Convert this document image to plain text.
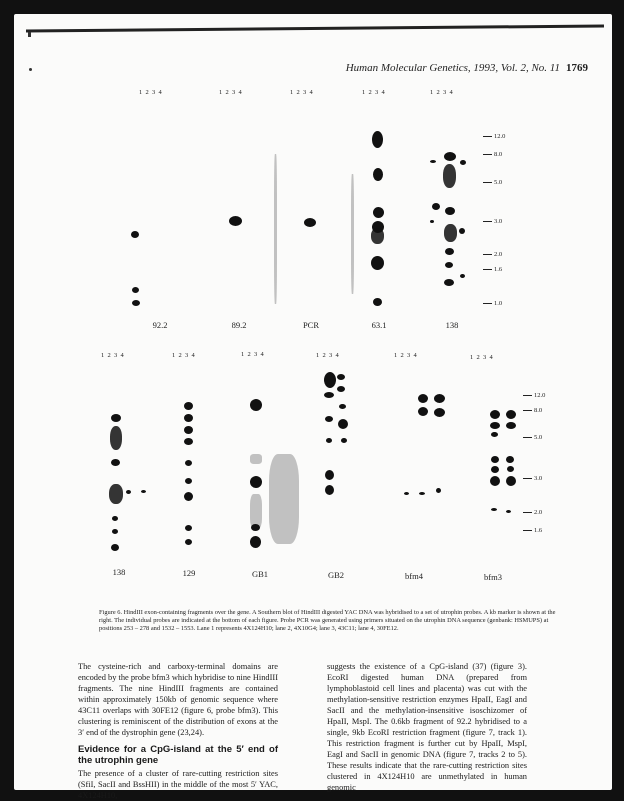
Human Molecular Genetics, 1993, Vol. 2, No. 11 1769
1  2  3  4	1  2  3  4	1  2  3  4	1  2  3  4	1  2  3  4
12.0
8.0
5.0
3.0
2.0
1.6
1.0
92.2	89.2	PCR	63.1	138
1  2  3  4	1  2  3  4	1  2  3  4	1  2  3  4	1  2  3  4	1  2  3  4
12.0
8.0
5.0
3.0
2.0
1.6
138	129	GB1	GB2	bfm4	bfm3
Figure 6. HindIII exon-containing fragments over the gene. A Southern blot of HindIII digested YAC DNA was hybridised to a set of utrophin probes. A kb marker is shown at the right. The individual probes are indicated at the bottom of each figure. Probe PCR was generated using primers situated on the utrophin DNA sequence (genbank: HSMUPS) at positions 253 – 278 and 1532 – 1553. Lane 1 represents 4X124H10; lane 2, 4X10G4; lane 3, 43C11; lane 4, 30FE12.

The cysteine-rich and carboxy-terminal domains are encoded by the probe bfm3 which hybridise to nine HindIII fragments. The nine HindIII fragments are contained within approximately 150kb of genomic sequence where 43C11 overlaps with 30FE12 (figure 6, probe bfm3). This clustering is reminiscent of the distribution of exons at the 3′ end of the dystrophin gene (23,24).

Evidence for a CpG-island at the 5′ end of the utrophin gene

The presence of a cluster of rare-cutting restriction sites (SfiI, SacII and BssHII) in the middle of the most 5′ YAC, 4X124H10,

suggests the existence of a CpG-island (37) (figure 3). EcoRI digested human DNA (prepared from lymphoblastoid cell lines and placenta) was cut with the methylation-sensitive restriction enzymes HpaII, EagI and SacII and the methylation-insensitive isoschizomer of HpaII, MspI. The 0.6kb fragment of 92.2 hybridised to a single, 9kb EcoRI restriction fragment (figure 7, track 1). This restriction fragment is further cut by HpaII, MspI, EagI and SacII in genomic DNA (figure 7, tracks 2 to 5). These results indicate that the rare-cutting restriction sites clustered in 4X124H10 are unmethylated in human genomic
